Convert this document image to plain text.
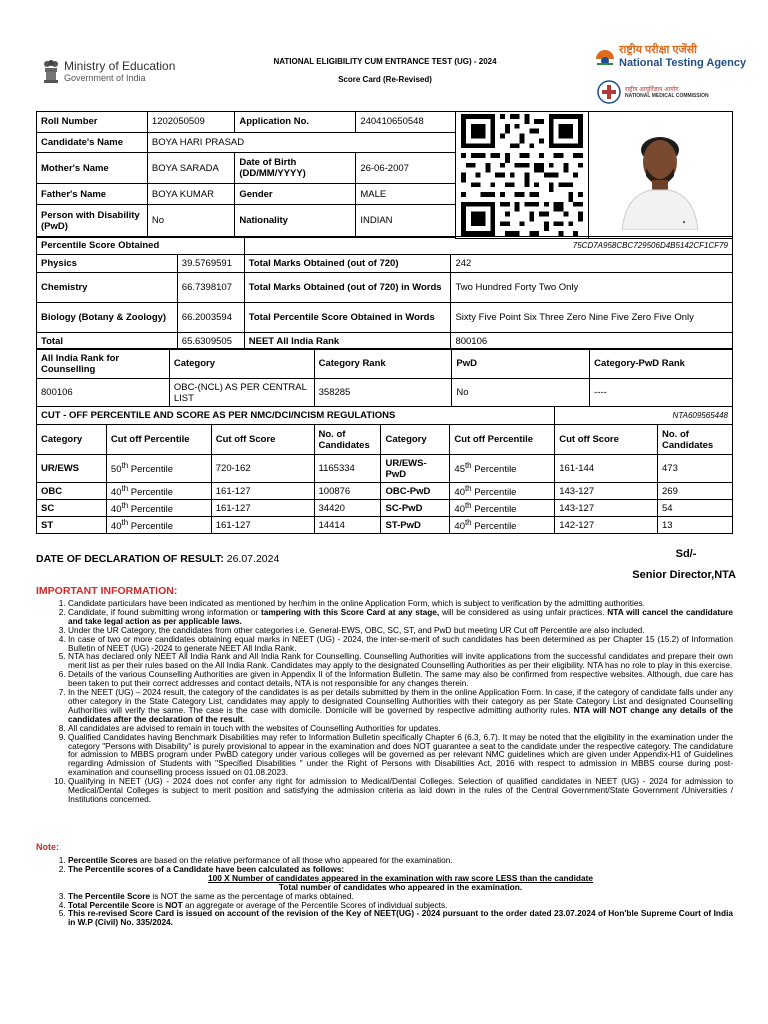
Ministry of Education
Government of India
NATIONAL ELIGIBILITY CUM ENTRANCE TEST (UG) - 2024
Score Card (Re-Revised)
राष्ट्रीय परीक्षा एजेंसी
National Testing Agency
राष्ट्रीय आयुर्विज्ञान आयोग
NATIONAL MEDICAL COMMISSION
Roll Number	1202050509	Application No.	240410650548	

Candidate's Name	BOYA HARI PRASAD				
Mother's Name	BOYA SARADA	Date of Birth (DD/MM/YYYY)	26-06-2007		
Father's Name	BOYA KUMAR	Gender	MALE		
Person with Disability (PwD)	No	Nationality	INDIAN		

Percentile Score Obtained		75CD7A958CBC729506D4B5142CF1CF79	
Physics	39.5769591	Total Marks Obtained (out of 720)	242
Chemistry	66.7398107	Total Marks Obtained (out of 720) in Words	Two Hundred Forty Two Only
Biology (Botany & Zoology)	66.2003594	Total Percentile Score Obtained in Words	Sixty Five Point Six Three Zero Nine Five Zero Five Only
Total	65.6309505	NEET All India Rank	800106
All India Rank for Counselling	Category	Category Rank	PwD	Category-PwD Rank
800106	OBC-(NCL) AS PER CENTRAL LIST	358285	No	----
CUT - OFF PERCENTILE AND SCORE AS PER NMC/DCI/NCISM REGULATIONS						NTA609565448	
Category	Cut off Percentile	Cut off Score	No. of Candidates	Category	Cut off Percentile	Cut off Score	No. of Candidates
UR/EWS	50th Percentile	720-162	1165334	UR/EWS-PwD	45th Percentile	161-144	473
OBC	40th Percentile	161-127	100876	OBC-PwD	40th Percentile	143-127	269
SC	40th Percentile	161-127	34420	SC-PwD	40th Percentile	143-127	54
ST	40th Percentile	161-127	14414	ST-PwD	40th Percentile	142-127	13
DATE OF DECLARATION OF RESULT: 26.07.2024	Sd/-
Senior Director,NTA
IMPORTANT INFORMATION:
1. Candidate particulars have been indicated as mentioned by her/him in the online Application Form, which is subject to verification by the admitting authorities.
2. Candidate, if found submitting wrong information or tampering with this Score Card at any stage, will be considered as using unfair practices. NTA will cancel the candidature and take legal action as per applicable laws.
3. Under the UR Category, the candidates from other categories i.e. General-EWS, OBC, SC, ST, and PwD but meeting UR Cut off Percentile are also included.
4. In case of two or more candidates obtaining equal marks in NEET (UG) - 2024, the inter-se-merit of such candidates has been determined as per Chapter 15 (15.2) of Information Bulletin of NEET (UG) -2024 to generate NEET All India Rank.
5. NTA has declared only NEET All India Rank and All India Rank for Counselling. Counselling Authorities will invite applications from the successful candidates and prepare their own merit list as per their rules based on the All India Rank. Candidates may apply to the designated Counselling Authorities as per their eligibility. NTA has no role to play in this exercise.
6. Details of the various Counselling Authorities are given in Appendix II of the Information Bulletin. The same may also be confirmed from respective websites. Although, due care has been taken to put their correct addresses and contact details, NTA is not responsible for any changes therein.
7. In the NEET (UG) – 2024 result, the category of the candidates is as per details submitted by them in the online Application Form. In case, if the category of candidate falls under any other category in the State Category List, candidates may apply to designated Counselling Authorities with their category as per State Category List and designated Counselling Authorities will verify the same. The case is the case with domicile. Domicile will be governed by respective admitting authority rules. NTA will NOT change any details of the candidates after the declaration of the result.
8. All candidates are advised to remain in touch with the websites of Counselling Authorities for updates.
9. Qualified Candidates having Benchmark Disabilities may refer to Information Bulletin specifically Chapter 6 (6.3, 6.7). It may be noted that the eligibility in the examination under the category "Persons with Disability" is purely provisional to appear in the examination and does NOT guarantee a seat to the candidate under the respective category. The candidature for admission to MBBS program under PwBD category under various colleges will be governed as per relevant NMC guidelines which are given under Appendix-H1 of Guidelines regarding Admission of Students with "Specified Disabilities " under the Right of Persons with Disabilities Act, 2016 with respect to admission in MBBS course during post-examination and counselling process issued on 01.08.2023.
10. Qualifying in NEET (UG) - 2024 does not confer any right for admission to Medical/Dental Colleges. Selection of qualified candidates in NEET (UG) - 2024 for admission to Medical/Dental Colleges is subject to merit position and satisfying the admission criteria as laid down in the rules of the Central Government/State Government /Universities / Institutions concerned.
Note:
1. Percentile Scores are based on the relative performance of all those who appeared for the examination.
2. The Percentile scores of a Candidate have been calculated as follows:
100 X Number of candidates appeared in the examination with raw score LESS than the candidate
Total number of candidates who appeared in the examination.
3. The Percentile Score is NOT the same as the percentage of marks obtained.
4. Total Percentile Score is NOT an aggregate or average of the Percentile Scores of individual subjects.
5. This re-revised Score Card is issued on account of the revision of the Key of NEET(UG) - 2024 pursuant to the order dated 23.07.2024 of Hon'ble Supreme Court of India in W.P (Civil) No. 335/2024.
